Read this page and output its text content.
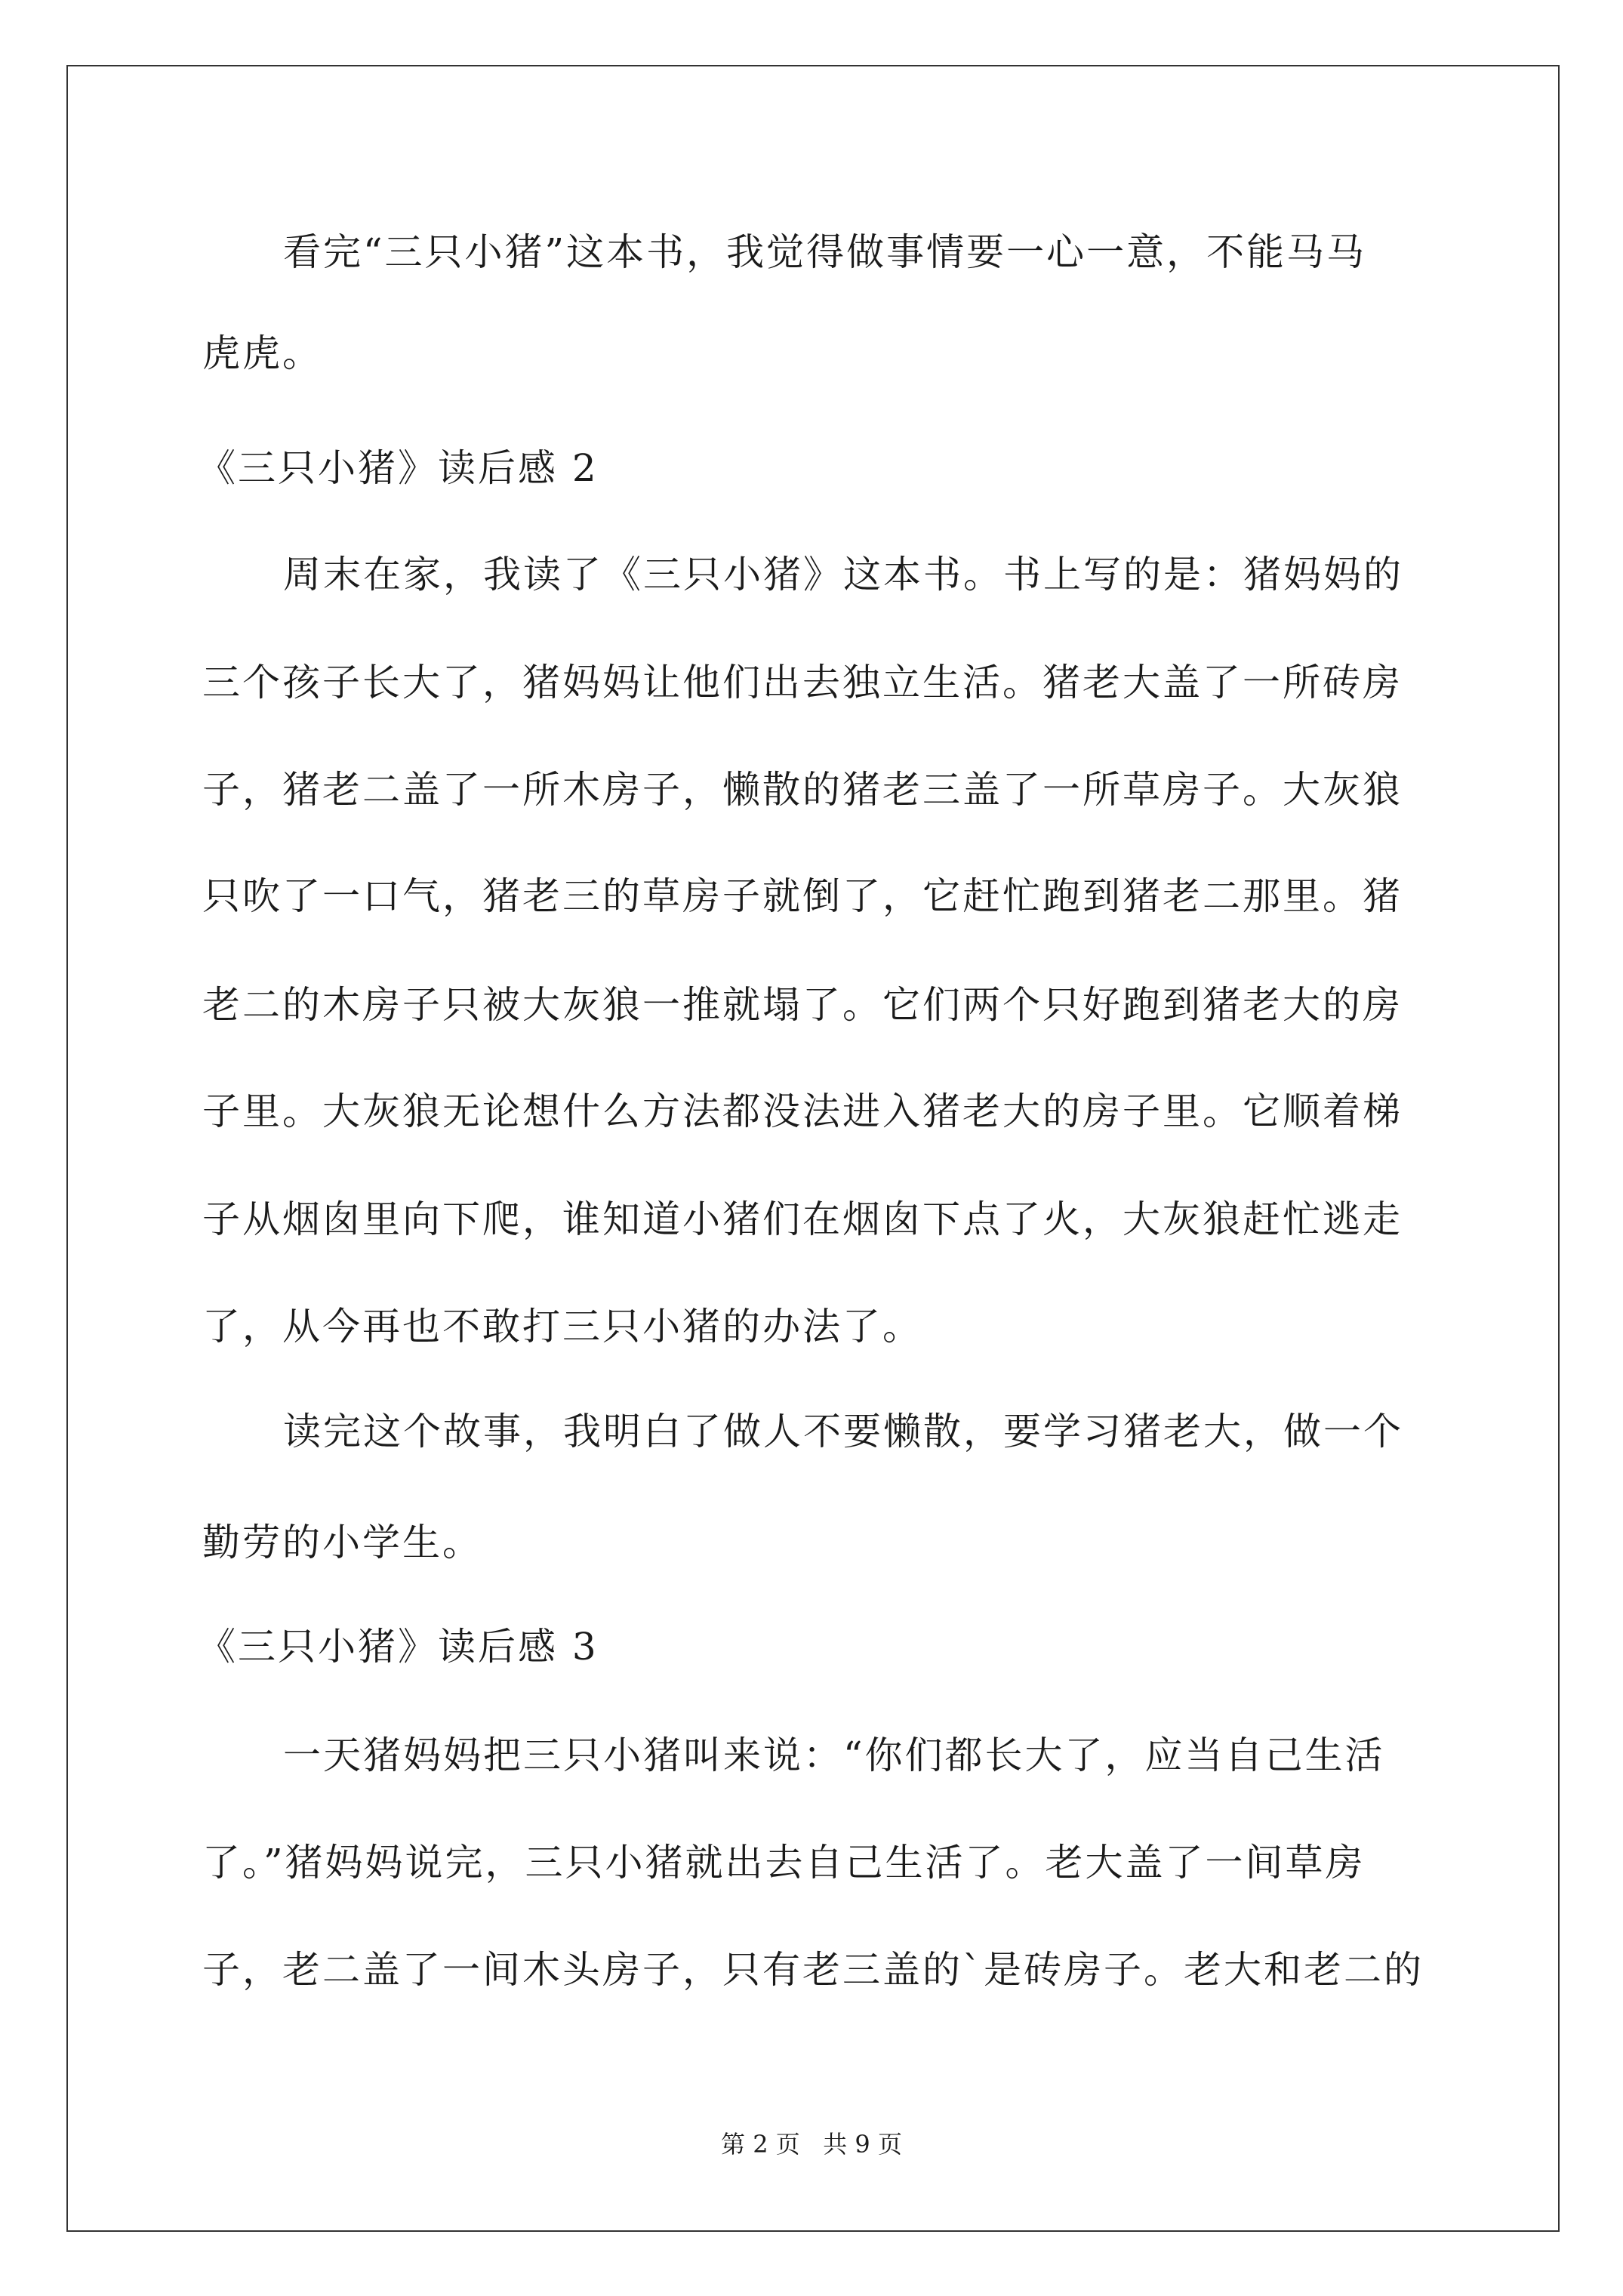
看完“三只小猪”这本书，我觉得做事情要一心一意，不能马马
虎虎。
《三只小猪》读后感 2
周末在家，我读了《三只小猪》这本书。书上写的是：猪妈妈的
三个孩子长大了，猪妈妈让他们出去独立生活。猪老大盖了一所砖房
子，猪老二盖了一所木房子，懒散的猪老三盖了一所草房子。大灰狼
只吹了一口气，猪老三的草房子就倒了，它赶忙跑到猪老二那里。猪
老二的木房子只被大灰狼一推就塌了。它们两个只好跑到猪老大的房
子里。大灰狼无论想什么方法都没法进入猪老大的房子里。它顺着梯
子从烟囱里向下爬，谁知道小猪们在烟囱下点了火，大灰狼赶忙逃走
了，从今再也不敢打三只小猪的办法了。
读完这个故事，我明白了做人不要懒散，要学习猪老大，做一个
勤劳的小学生。
《三只小猪》读后感 3
一天猪妈妈把三只小猪叫来说：“你们都长大了，应当自己生活
了。”猪妈妈说完，三只小猪就出去自己生活了。老大盖了一间草房
子，老二盖了一间木头房子，只有老三盖的`是砖房子。老大和老二的
第 2 页   共 9 页
